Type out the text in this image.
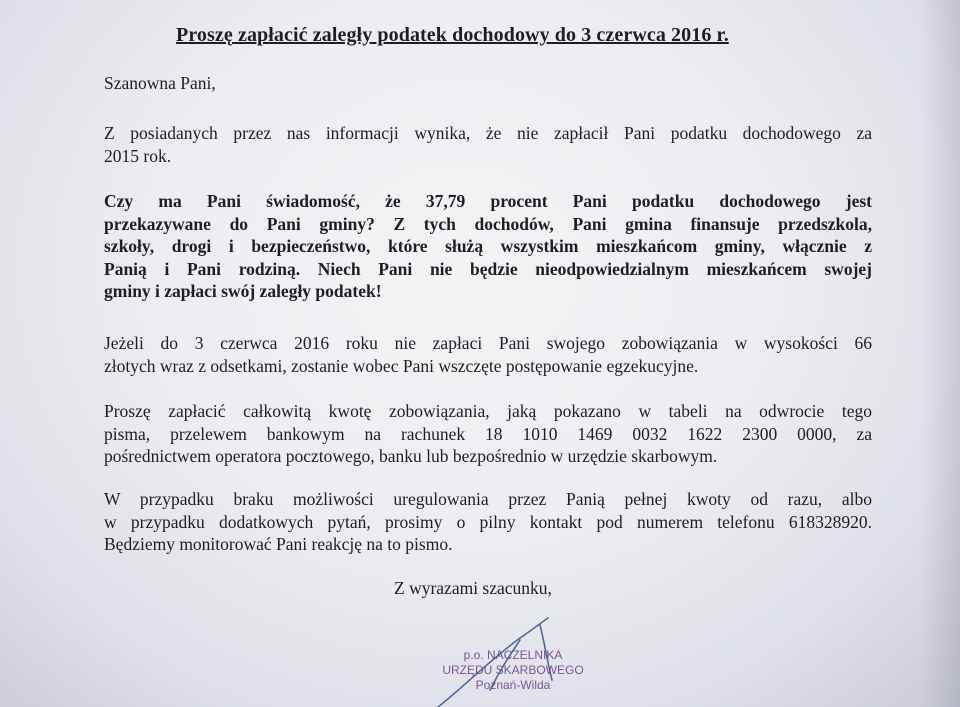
Proszę zapłacić zaległy podatek dochodowy do 3 czerwca 2016 r.

Szanowna Pani,

Z posiadanych przez nas informacji wynika, że nie zapłacił Pani podatku dochodowego za
2015 rok.

Czy ma Pani świadomość, że 37,79 procent Pani podatku dochodowego jest
przekazywane do Pani gminy? Z tych dochodów, Pani gmina finansuje przedszkola,
szkoły, drogi i bezpieczeństwo, które służą wszystkim mieszkańcom gminy, włącznie z
Panią i Pani rodziną. Niech Pani nie będzie nieodpowiedzialnym mieszkańcem swojej
gminy i zapłaci swój zaległy podatek!

Jeżeli do 3 czerwca 2016 roku nie zapłaci Pani swojego zobowiązania w wysokości 66
złotych wraz z odsetkami, zostanie wobec Pani wszczęte postępowanie egzekucyjne.

Proszę zapłacić całkowitą kwotę zobowiązania, jaką pokazano w tabeli na odwrocie tego
pisma, przelewem bankowym na rachunek 18 1010 1469 0032 1622 2300 0000, za
pośrednictwem operatora pocztowego, banku lub bezpośrednio w urzędzie skarbowym.

W przypadku braku możliwości uregulowania przez Panią pełnej kwoty od razu, albo
w przypadku dodatkowych pytań, prosimy o pilny kontakt pod numerem telefonu 618328920.
Będziemy monitorować Pani reakcję na to pismo.

Z wyrazami szacunku,
p.o. NACZELNIKA
URZĘDU SKARBOWEGO
Poznań-Wilda
